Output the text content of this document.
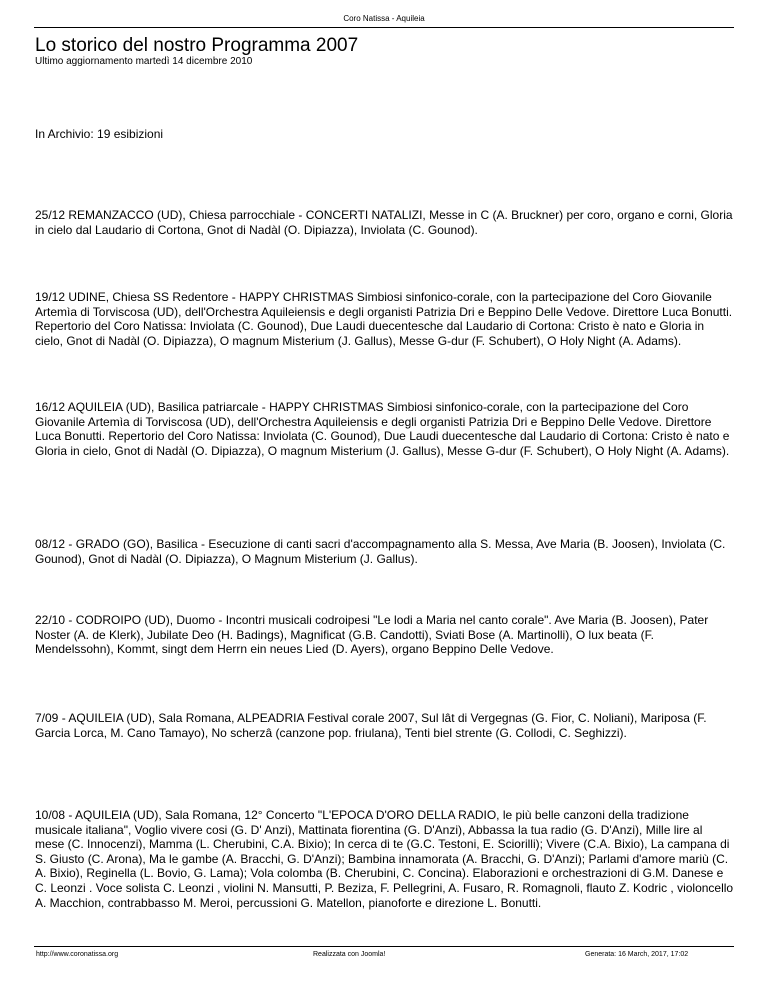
Coro Natissa - Aquileia
Lo storico del nostro Programma 2007
Ultimo aggiornamento martedì 14 dicembre 2010
In Archivio: 19 esibizioni

25/12 REMANZACCO (UD), Chiesa parrocchiale - CONCERTI NATALIZI, Messe in C (A. Bruckner) per coro, organo e corni, Gloria in cielo dal Laudario di Cortona, Gnot di Nadàl (O. Dipiazza), Inviolata (C. Gounod).

19/12 UDINE, Chiesa SS Redentore - HAPPY CHRISTMAS Simbiosi sinfonico-corale, con la partecipazione del Coro Giovanile Artemìa di Torviscosa (UD), dell'Orchestra Aquileiensis e degli organisti Patrizia Dri e Beppino Delle Vedove. Direttore Luca Bonutti. Repertorio del Coro Natissa: Inviolata (C. Gounod), Due Laudi duecentesche dal Laudario di Cortona: Cristo è nato e Gloria in cielo, Gnot di Nadàl (O. Dipiazza), O magnum Misterium (J. Gallus), Messe G-dur (F. Schubert), O Holy Night (A. Adams).

16/12 AQUILEIA (UD), Basilica patriarcale - HAPPY CHRISTMAS Simbiosi sinfonico-corale, con la partecipazione del Coro Giovanile Artemìa di Torviscosa (UD), dell'Orchestra Aquileiensis e degli organisti Patrizia Dri e Beppino Delle Vedove. Direttore Luca Bonutti. Repertorio del Coro Natissa: Inviolata (C. Gounod), Due Laudi duecentesche dal Laudario di Cortona: Cristo è nato e Gloria in cielo, Gnot di Nadàl (O. Dipiazza), O magnum Misterium (J. Gallus), Messe G-dur (F. Schubert), O Holy Night (A. Adams).

08/12 - GRADO (GO), Basilica - Esecuzione di canti sacri d'accompagnamento alla S. Messa, Ave Maria (B. Joosen), Inviolata (C. Gounod), Gnot di Nadàl (O. Dipiazza), O Magnum Misterium (J. Gallus).

22/10 - CODROIPO (UD), Duomo - Incontri musicali codroipesi "Le lodi a Maria nel canto corale". Ave Maria (B. Joosen), Pater Noster (A. de Klerk), Jubilate Deo (H. Badings), Magnificat (G.B. Candotti), Sviati Bose (A. Martinolli), O lux beata (F. Mendelssohn), Kommt, singt dem Herrn ein neues Lied (D. Ayers), organo Beppino Delle Vedove.

7/09 - AQUILEIA (UD), Sala Romana, ALPEADRIA Festival corale 2007, Sul lât di Vergegnas (G. Fior, C. Noliani), Mariposa (F. Garcia Lorca, M. Cano Tamayo), No scherzâ (canzone pop. friulana), Tenti biel strente (G. Collodi, C. Seghizzi).

10/08 - AQUILEIA (UD), Sala Romana, 12° Concerto "L'EPOCA D'ORO DELLA RADIO, le più belle canzoni della tradizione musicale italiana", Voglio vivere cosi (G. D' Anzi), Mattinata fiorentina (G. D'Anzi), Abbassa la tua radio (G. D'Anzi), Mille lire al mese (C. Innocenzi), Mamma (L. Cherubini, C.A. Bixio); In cerca di te (G.C. Testoni, E. Sciorilli); Vivere (C.A. Bixio), La campana di S. Giusto (C. Arona), Ma le gambe (A. Bracchi, G. D'Anzi); Bambina innamorata (A. Bracchi, G. D'Anzi); Parlami d'amore mariù (C. A. Bixio), Reginella (L. Bovio, G. Lama); Vola colomba (B. Cherubini, C. Concina). Elaborazioni e orchestrazioni di G.M. Danese e C. Leonzi . Voce solista C. Leonzi , violini N. Mansutti, P. Beziza, F. Pellegrini, A. Fusaro, R. Romagnoli, flauto Z. Kodric , violoncello A. Macchion, contrabbasso M. Meroi, percussioni G. Matellon, pianoforte e direzione L. Bonutti.

http://www.coronatissa.org	Realizzata con Joomla!	Generata: 16 March, 2017, 17:02
